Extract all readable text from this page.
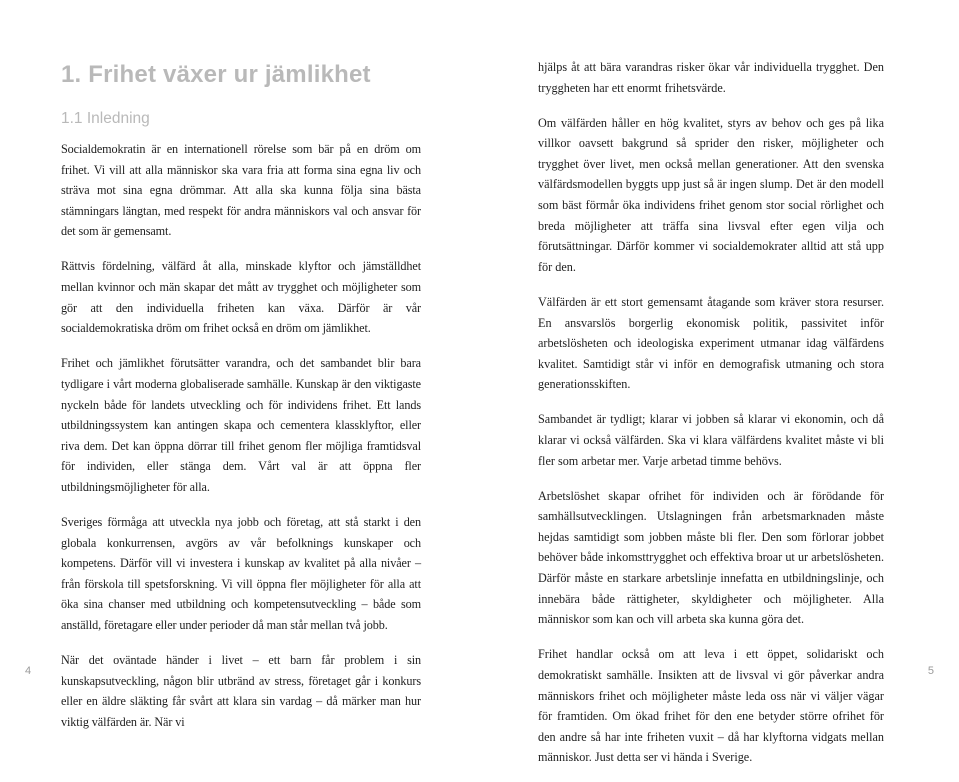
1. Frihet växer ur jämlikhet
1.1 Inledning

Socialdemokratin är en internationell rörelse som bär på en dröm om frihet. Vi vill att alla människor ska vara fria att forma sina egna liv och sträva mot sina egna drömmar. Att alla ska kunna följa sina bästa stämningars längtan, med respekt för andra människors val och ansvar för det som är gemensamt.

Rättvis fördelning, välfärd åt alla, minskade klyftor och jämställdhet mellan kvinnor och män skapar det mått av trygghet och möjligheter som gör att den individuella friheten kan växa. Därför är vår socialdemokratiska dröm om frihet också en dröm om jämlikhet.

Frihet och jämlikhet förutsätter varandra, och det sambandet blir bara tydligare i vårt moderna globaliserade samhälle. Kunskap är den viktigaste nyckeln både för landets utveckling och för individens frihet. Ett lands utbildningssystem kan antingen skapa och cementera klassklyftor, eller riva dem. Det kan öppna dörrar till frihet genom fler möjliga framtidsval för individen, eller stänga dem. Vårt val är att öppna fler utbildningsmöjligheter för alla.

Sveriges förmåga att utveckla nya jobb och företag, att stå starkt i den globala konkurrensen, avgörs av vår befolknings kunskaper och kompetens. Därför vill vi investera i kunskap av kvalitet på alla nivåer – från förskola till spetsforskning. Vi vill öppna fler möjligheter för alla att öka sina chanser med utbildning och kompetensutveckling – både som anställd, företagare eller under perioder då man står mellan två jobb.

När det oväntade händer i livet – ett barn får problem i sin kunskapsutveckling, någon blir utbränd av stress, företaget går i konkurs eller en äldre släkting får svårt att klara sin vardag – då märker man hur viktig välfärden är. När vi

4

hjälps åt att bära varandras risker ökar vår individuella trygghet. Den tryggheten har ett enormt frihetsvärde.

Om välfärden håller en hög kvalitet, styrs av behov och ges på lika villkor oavsett bakgrund så sprider den risker, möjligheter och trygghet över livet, men också mellan generationer. Att den svenska välfärdsmodellen byggts upp just så är ingen slump. Det är den modell som bäst förmår öka individens frihet genom stor social rörlighet och breda möjligheter att träffa sina livsval efter egen vilja och förutsättningar. Därför kommer vi socialdemokrater alltid att stå upp för den.

Välfärden är ett stort gemensamt åtagande som kräver stora resurser. En ansvarslös borgerlig ekonomisk politik, passivitet inför arbetslösheten och ideologiska experiment utmanar idag välfärdens kvalitet. Samtidigt står vi inför en demografisk utmaning och stora generationsskiften.

Sambandet är tydligt; klarar vi jobben så klarar vi ekonomin, och då klarar vi också välfärden. Ska vi klara välfärdens kvalitet måste vi bli fler som arbetar mer. Varje arbetad timme behövs.

Arbetslöshet skapar ofrihet för individen och är förödande för samhällsutvecklingen. Utslagningen från arbetsmarknaden måste hejdas samtidigt som jobben måste bli fler. Den som förlorar jobbet behöver både inkomsttrygghet och effektiva broar ut ur arbetslösheten. Därför måste en starkare arbetslinje innefatta en utbildningslinje, och innebära både rättigheter, skyldigheter och möjligheter. Alla människor som kan och vill arbeta ska kunna göra det.

Frihet handlar också om att leva i ett öppet, solidariskt och demokratiskt samhälle. Insikten att de livsval vi gör påverkar andra människors frihet och möjligheter måste leda oss när vi väljer vägar för framtiden. Om ökad frihet för den ene betyder större ofrihet för den andre så har inte friheten vuxit – då har klyftorna vidgats mellan människor. Just detta ser vi hända i Sverige.

5
